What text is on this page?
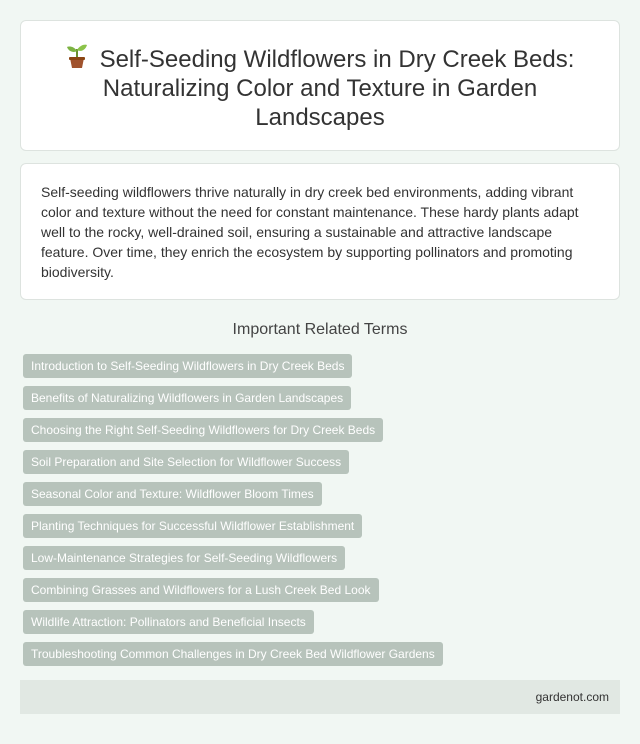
Self-Seeding Wildflowers in Dry Creek Beds: Naturalizing Color and Texture in Garden Landscapes

Self-seeding wildflowers thrive naturally in dry creek bed environments, adding vibrant color and texture without the need for constant maintenance. These hardy plants adapt well to the rocky, well-drained soil, ensuring a sustainable and attractive landscape feature. Over time, they enrich the ecosystem by supporting pollinators and promoting biodiversity.

Important Related Terms
Introduction to Self-Seeding Wildflowers in Dry Creek Beds
Benefits of Naturalizing Wildflowers in Garden Landscapes
Choosing the Right Self-Seeding Wildflowers for Dry Creek Beds
Soil Preparation and Site Selection for Wildflower Success
Seasonal Color and Texture: Wildflower Bloom Times
Planting Techniques for Successful Wildflower Establishment
Low-Maintenance Strategies for Self-Seeding Wildflowers
Combining Grasses and Wildflowers for a Lush Creek Bed Look
Wildlife Attraction: Pollinators and Beneficial Insects
Troubleshooting Common Challenges in Dry Creek Bed Wildflower Gardens
gardenot.com
